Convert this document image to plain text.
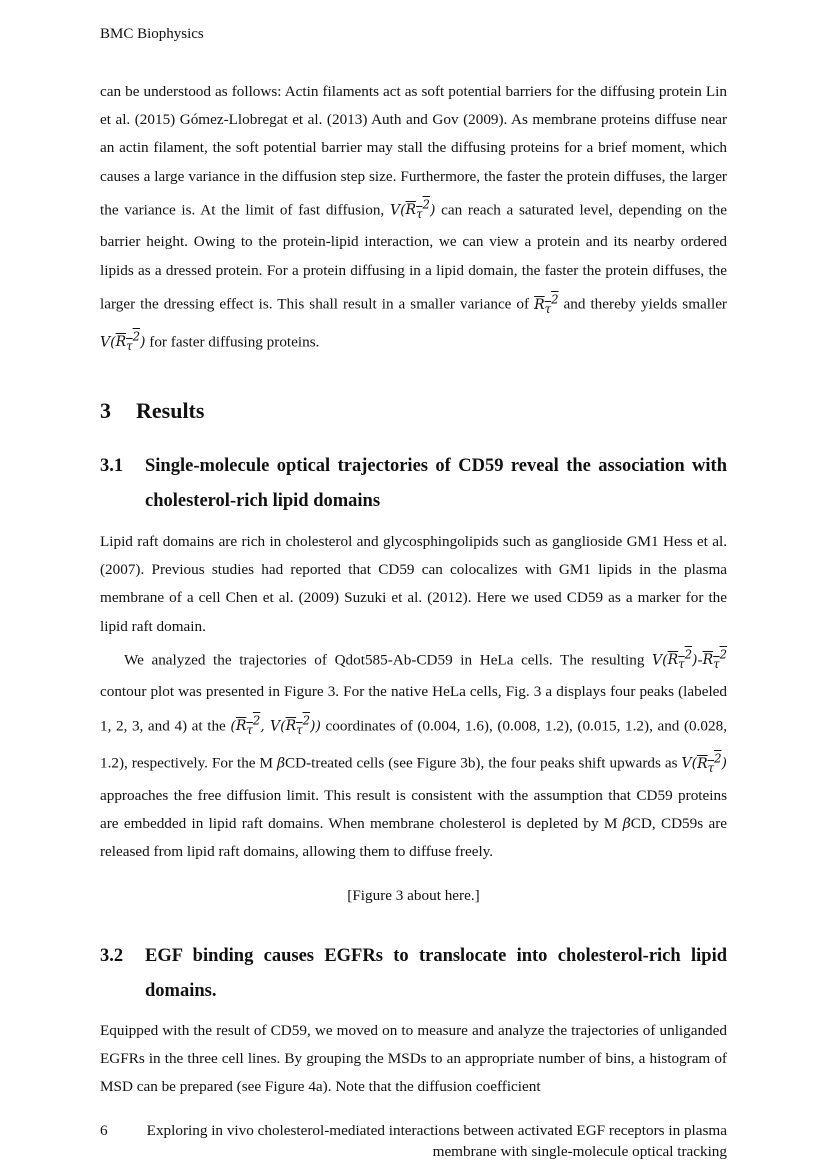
BMC Biophysics

can be understood as follows: Actin filaments act as soft potential barriers for the diffusing protein Lin et al. (2015) Gómez-Llobregat et al. (2013) Auth and Gov (2009). As membrane proteins diffuse near an actin filament, the soft potential barrier may stall the diffusing proteins for a brief moment, which causes a large variance in the diffusion step size. Furthermore, the faster the protein diffuses, the larger the variance is. At the limit of fast diffusion, $V(R_\tau^2)$ can reach a saturated level, depending on the barrier height. Owing to the protein-lipid interaction, we can view a protein and its nearby ordered lipids as a dressed protein. For a protein diffusing in a lipid domain, the faster the protein diffuses, the larger the dressing effect is. This shall result in a smaller variance of $R_\tau^2$ and thereby yields smaller $V(R_\tau^2)$ for faster diffusing proteins.

3 Results
3.1 Single-molecule optical trajectories of CD59 reveal the association with cholesterol-rich lipid domains

Lipid raft domains are rich in cholesterol and glycosphingolipids such as ganglioside GM1 Hess et al. (2007). Previous studies had reported that CD59 can colocalizes with GM1 lipids in the plasma membrane of a cell Chen et al. (2009) Suzuki et al. (2012). Here we used CD59 as a marker for the lipid raft domain.

We analyzed the trajectories of Qdot585-Ab-CD59 in HeLa cells. The resulting $V(R_\tau^2)-R_\tau^2$ contour plot was presented in Figure 3. For the native HeLa cells, Fig. 3 a displays four peaks (labeled 1, 2, 3, and 4) at the ($R_\tau^2$, $V(R_\tau^2)$) coordinates of (0.004, 1.6), (0.008, 1.2), (0.015, 1.2), and (0.028, 1.2), respectively. For the M βCD-treated cells (see Figure 3b), the four peaks shift upwards as $V(R_\tau^2)$ approaches the free diffusion limit. This result is consistent with the assumption that CD59 proteins are embedded in lipid raft domains. When membrane cholesterol is depleted by M βCD, CD59s are released from lipid raft domains, allowing them to diffuse freely.

[Figure 3 about here.]
3.2 EGF binding causes EGFRs to translocate into cholesterol-rich lipid domains.

Equipped with the result of CD59, we moved on to measure and analyze the trajectories of unliganded EGFRs in the three cell lines. By grouping the MSDs to an appropriate number of bins, a histogram of MSD can be prepared (see Figure 4a). Note that the diffusion coefficient

6	Exploring in vivo cholesterol-mediated interactions between activated EGF receptors in plasma membrane with single-molecule optical tracking
